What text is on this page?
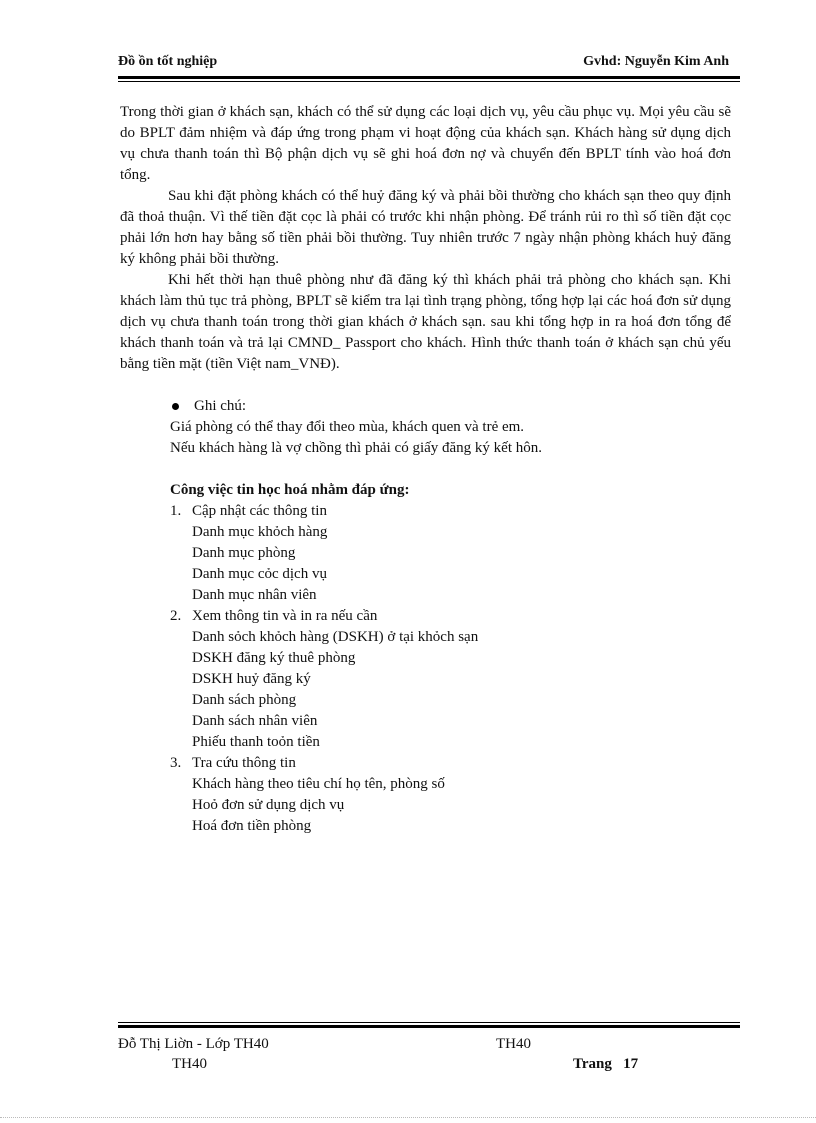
Đồ ồn tốt nghiệp	Gvhd: Nguyễn Kim Anh

Trong thời gian ở khách sạn, khách có thể sử dụng các loại dịch vụ, yêu cầu phục vụ. Mọi yêu cầu sẽ do BPLT đảm nhiệm và đáp ứng trong phạm vi hoạt động của khách sạn. Khách hàng sử dụng dịch vụ chưa thanh toán thì Bộ phận dịch vụ sẽ ghi hoá đơn nợ và chuyển đến BPLT tính vào hoá đơn tổng.

Sau khi đặt phòng khách có thể huỷ đăng ký và phải bồi thường cho khách sạn theo quy định đã thoả thuận. Vì thế tiền đặt cọc là phải có trước khi nhận phòng. Để tránh rủi ro thì số tiền đặt cọc phải lớn hơn hay bằng số tiền phải bồi thường. Tuy nhiên trước 7 ngày nhận phòng khách huỷ đăng ký không phải bồi thường.

Khi hết thời hạn thuê phòng như đã đăng ký thì khách phải trả phòng cho khách sạn. Khi khách làm thủ tục trả phòng, BPLT sẽ kiểm tra lại tình trạng phòng, tổng hợp lại các hoá đơn sử dụng dịch vụ chưa thanh toán trong thời gian khách ở khách sạn. sau khi tổng hợp in ra hoá đơn tổng để khách thanh toán và trả lại CMND_ Passport cho khách. Hình thức thanh toán ở khách sạn chủ yếu bằng tiền mặt (tiền Việt nam_VNĐ).

Ghi chú:
Giá phòng có thể thay đổi theo mùa, khách quen và trẻ em.
Nếu khách hàng là vợ chồng thì phải có giấy đăng ký kết hôn.
Công việc tin học hoá nhằm đáp ứng:
1. Cập nhật các thông tin
Danh mục khỏch hàng
Danh mục phòng
Danh mục cỏc dịch vụ
Danh mục nhân viên
2. Xem thông tin và in ra nếu cần
Danh sỏch khỏch hàng (DSKH) ở tại khỏch sạn
DSKH đăng ký thuê phòng
DSKH huỷ đăng ký
Danh sách phòng
Danh sách nhân viên
Phiếu thanh toỏn tiền
3. Tra cứu thông tin
Khách hàng theo tiêu chí họ tên, phòng số
Hoỏ đơn sử dụng dịch vụ
Hoá đơn tiền phòng
Đỗ Thị Liờn - Lớp TH40	TH40
TH40	Trang 17
